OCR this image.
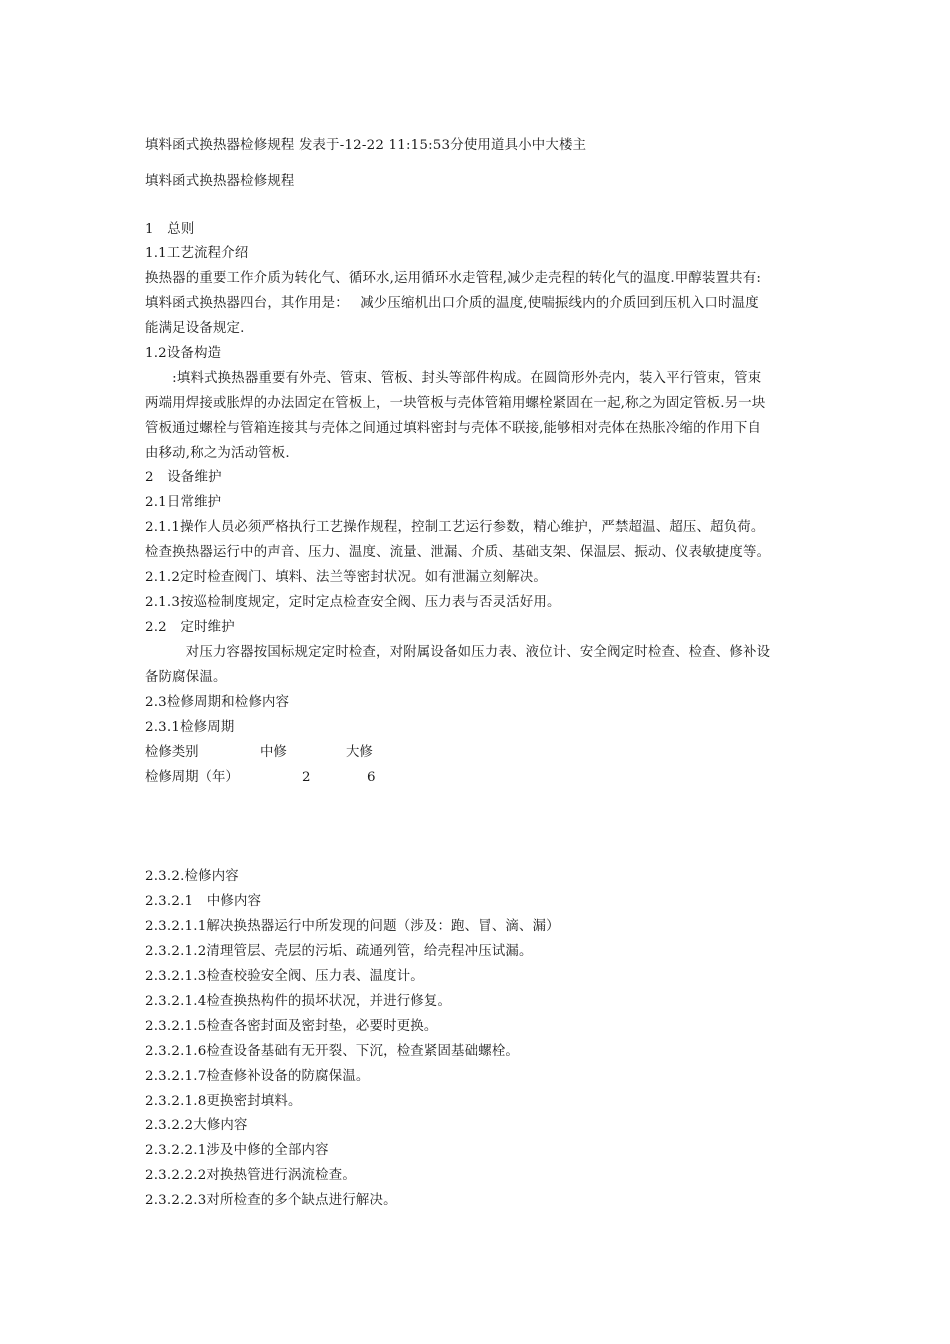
填料函式换热器检修规程 发表于-12-22 11:15:53分使用道具小中大楼主
填料函式换热器检修规程
1　总则
1.1工艺流程介绍
换热器的重要工作介质为转化气、循环水,运用循环水走管程,减少走壳程的转化气的温度.甲醇装置共有:
填料函式换热器四台，其作用是：　 减少压缩机出口介质的温度,使喘振线内的介质回到压机入口时温度
能满足设备规定.
1.2设备构造
　　:填料式换热器重要有外壳、管束、管板、封头等部件构成。在圆筒形外壳内，装入平行管束，管束
两端用焊接或胀焊的办法固定在管板上，一块管板与壳体管箱用螺栓紧固在一起,称之为固定管板.另一块
管板通过螺栓与管箱连接其与壳体之间通过填料密封与壳体不联接,能够相对壳体在热胀冷缩的作用下自
由移动,称之为活动管板.
2　设备维护
2.1日常维护
2.1.1操作人员必须严格执行工艺操作规程，控制工艺运行参数，精心维护，严禁超温、超压、超负荷。
检查换热器运行中的声音、压力、温度、流量、泄漏、介质、基础支架、保温层、振动、仪表敏捷度等。
2.1.2定时检查阀门、填料、法兰等密封状况。如有泄漏立刻解决。
2.1.3按巡检制度规定，定时定点检查安全阀、压力表与否灵活好用。
2.2　定时维护
　　　对压力容器按国标规定定时检查，对附属设备如压力表、液位计、安全阀定时检查、检查、修补设
备防腐保温。
2.3检修周期和检修内容
2.3.1检修周期
检修类别	中修	大修
检修周期（年）	2	6
2.3.2.检修内容
2.3.2.1　中修内容
2.3.2.1.1解决换热器运行中所发现的问题（涉及：跑、冒、滴、漏）
2.3.2.1.2清理管层、壳层的污垢、疏通列管，给壳程冲压试漏。
2.3.2.1.3检查校验安全阀、压力表、温度计。
2.3.2.1.4检查换热构件的损坏状况，并进行修复。
2.3.2.1.5检查各密封面及密封垫，必要时更换。
2.3.2.1.6检查设备基础有无开裂、下沉，检查紧固基础螺栓。
2.3.2.1.7检查修补设备的防腐保温。
2.3.2.1.8更换密封填料。
2.3.2.2大修内容
2.3.2.2.1涉及中修的全部内容
2.3.2.2.2对换热管进行涡流检查。
2.3.2.2.3对所检查的多个缺点进行解决。
